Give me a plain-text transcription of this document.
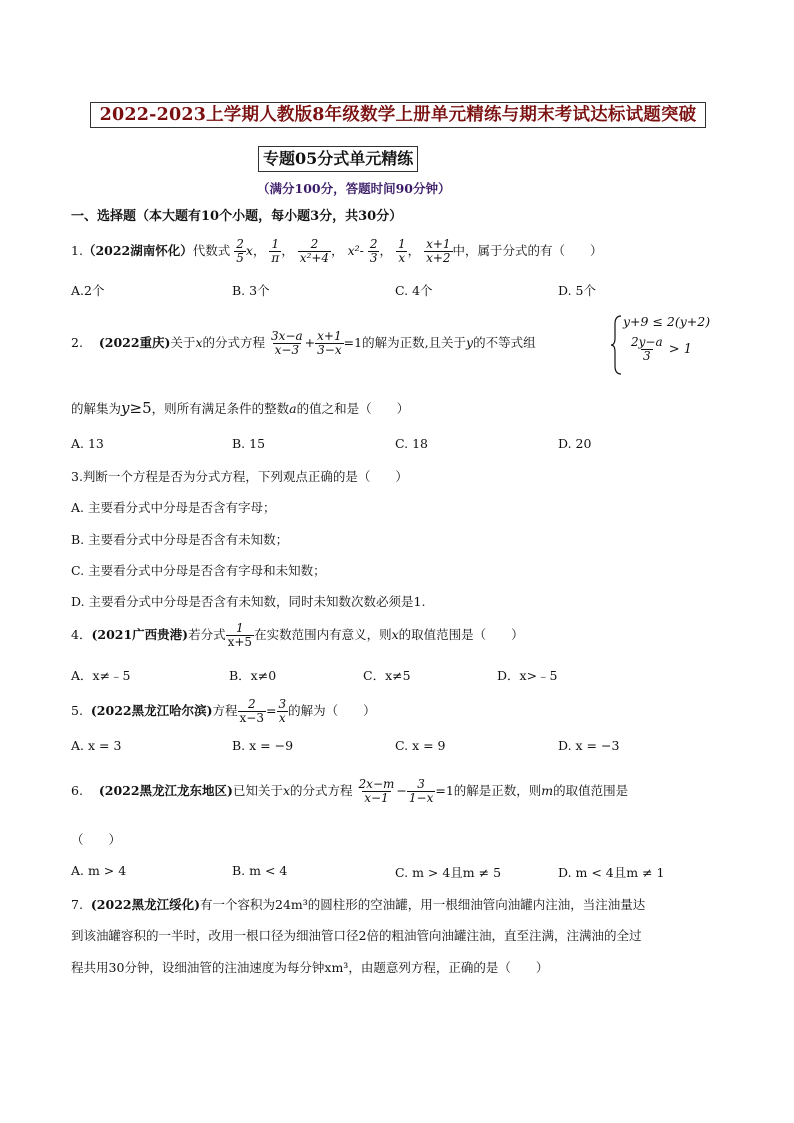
2022-2023上学期人教版8年级数学上册单元精练与期末考试达标试题突破
专题05分式单元精练
（满分100分，答题时间90分钟）
一、选择题（本大题有10个小题，每小题3分，共30分）
1.（2022湖南怀化）代数式 $\frac{2}{5}$ x， $\frac{1}{\pi}$ ， $\frac{2}{\text{x²+4}}$ ， $x^2- \frac{2}{3}$ ， $\frac{1}{x}$ ， $\frac{x+1}{x+2}$ 中，属于分式的有（　　）
A.2个	B. 3个	C. 4个	D. 5个
2. (2022重庆)关于x的分式方程 $\frac{3x-a}{x-3} + \frac{x+1}{3-x} =1$的解为正数,且关于y的不等式组
y+9 ≤ 2(y+2)
$\frac{2y-a}{3} > 1$
的解集为y≥5，则所有满足条件的整数a的值之和是（　　）
A. 13	B. 15	C. 18	D. 20
3.判断一个方程是否为分式方程，下列观点正确的是（　　）
A. 主要看分式中分母是否含有字母；
B. 主要看分式中分母是否含有未知数；
C. 主要看分式中分母是否含有字母和未知数；
D. 主要看分式中分母是否含有未知数，同时未知数次数必须是1.
4．(2021广西贵港)若分式 $\frac{1}{x+5}$ 在实数范围内有意义，则x的取值范围是（　　）
A．x≠﹣5	B．x≠0	C．x≠5	D．x>﹣5
5. (2022黑龙江哈尔滨)方程 $\frac{2}{x-3} = \frac{3}{x}$ 的解为（　　）
A. x = 3	B. x = −9	C. x = 9	D. x = −3
6. (2022黑龙江龙东地区)已知关于x的分式方程 $\frac{2x-m}{x-1} - \frac{3}{1-x} =1$的解是正数，则m的取值范围是
（　　）
A. m > 4	B. m < 4	C. m > 4且m ≠ 5	D. m < 4且m ≠ 1
7. (2022黑龙江绥化)有一个容积为24m³的圆柱形的空油罐，用一根细油管向油罐内注油，当注油量达
到该油罐容积的一半时，改用一根口径为细油管口径2倍的粗油管向油罐注油，直至注满，注满油的全过
程共用30分钟，设细油管的注油速度为每分钟xm³，由题意列方程，正确的是（　　）
